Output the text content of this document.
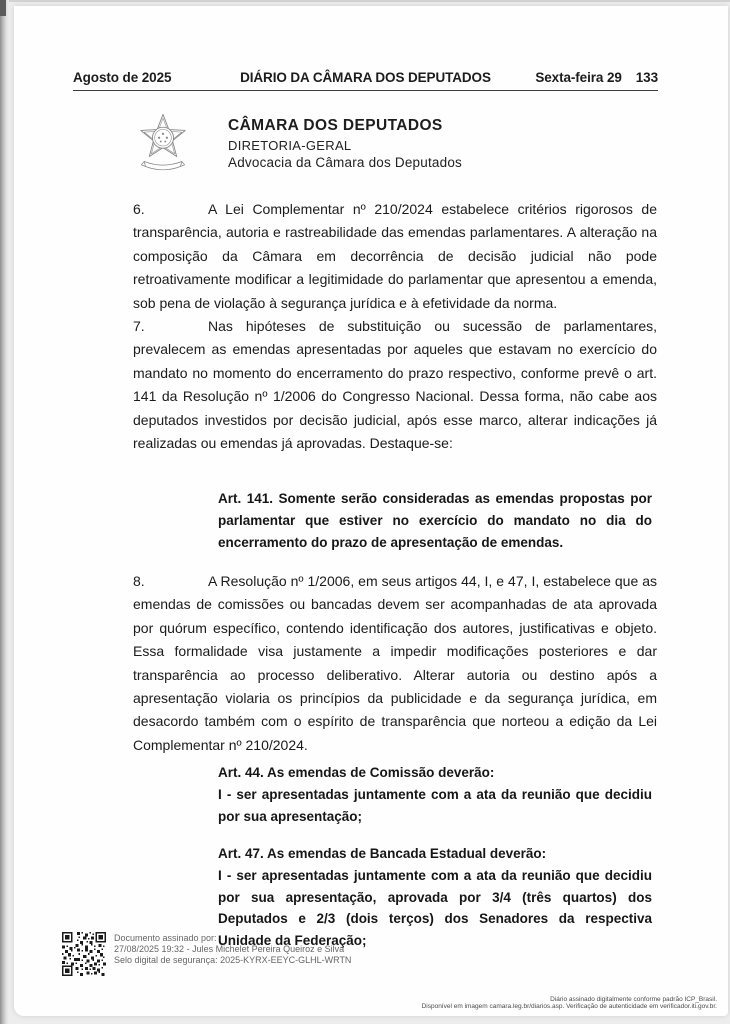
Agosto de 2025	DIÁRIO DA CÂMARA DOS DEPUTADOS	Sexta-feira 29 133
CÂMARA DOS DEPUTADOS
DIRETORIA-GERAL
Advocacia da Câmara dos Deputados
6.	A Lei Complementar nº 210/2024 estabelece critérios rigorosos de transparência, autoria e rastreabilidade das emendas parlamentares. A alteração na composição da Câmara em decorrência de decisão judicial não pode retroativamente modificar a legitimidade do parlamentar que apresentou a emenda, sob pena de violação à segurança jurídica e à efetividade da norma.
7.	Nas hipóteses de substituição ou sucessão de parlamentares, prevalecem as emendas apresentadas por aqueles que estavam no exercício do mandato no momento do encerramento do prazo respectivo, conforme prevê o art. 141 da Resolução nº 1/2006 do Congresso Nacional. Dessa forma, não cabe aos deputados investidos por decisão judicial, após esse marco, alterar indicações já realizadas ou emendas já aprovadas. Destaque-se:
Art. 141. Somente serão consideradas as emendas propostas por parlamentar que estiver no exercício do mandato no dia do encerramento do prazo de apresentação de emendas.
8.	A Resolução nº 1/2006, em seus artigos 44, I, e 47, I, estabelece que as emendas de comissões ou bancadas devem ser acompanhadas de ata aprovada por quórum específico, contendo identificação dos autores, justificativas e objeto. Essa formalidade visa justamente a impedir modificações posteriores e dar transparência ao processo deliberativo. Alterar autoria ou destino após a apresentação violaria os princípios da publicidade e da segurança jurídica, em desacordo também com o espírito de transparência que norteou a edição da Lei Complementar nº 210/2024.
Art. 44. As emendas de Comissão deverão:
I - ser apresentadas juntamente com a ata da reunião que decidiu por sua apresentação;
Art. 47. As emendas de Bancada Estadual deverão:
I - ser apresentadas juntamente com a ata da reunião que decidiu por sua apresentação, aprovada por 3/4 (três quartos) dos Deputados e 2/3 (dois terços) dos Senadores da respectiva Unidade da Federação;
Documento assinado por:
27/08/2025 19:32 - Jules Michelet Pereira Queiroz e Silva
Selo digital de segurança: 2025-KYRX-EEYC-GLHL-WRTN
Diário assinado digitalmente conforme padrão ICP_Brasil.
Disponível em imagem camara.leg.br/diarios.asp. Verificação de autenticidade em verificador.iti.gov.br.
